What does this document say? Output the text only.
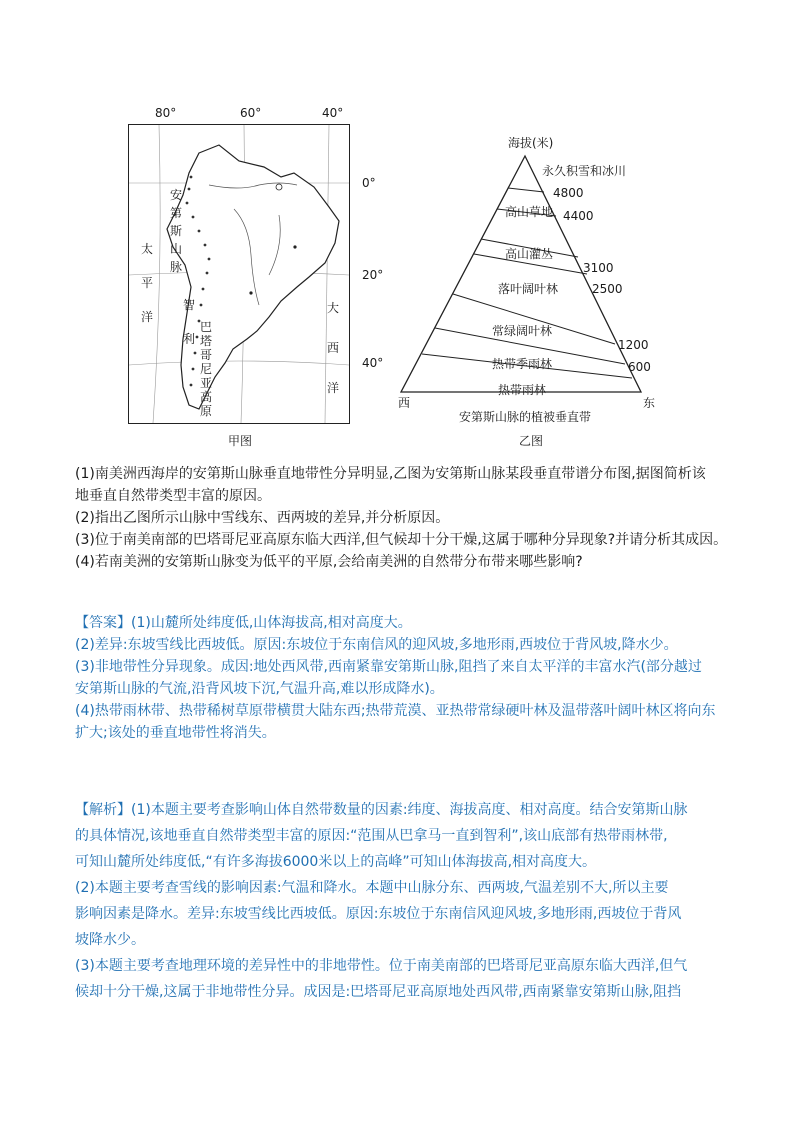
80°	60°	40°
0°
20°
40°
安第斯山脉
太平洋
智利
巴塔哥尼亚高原
大西洋
甲图
海拔(米)
永久积雪和冰川
高山草地
高山灌丛
落叶阔叶林
常绿阔叶林
热带季雨林
热带雨林
4800
4400
3100
2500
1200
600
西	东
安第斯山脉的植被垂直带
乙图

(1)南美洲西海岸的安第斯山脉垂直地带性分异明显,乙图为安第斯山脉某段垂直带谱分布图,据图简析该
地垂直自然带类型丰富的原因。
(2)指出乙图所示山脉中雪线东、西两坡的差异,并分析原因。
(3)位于南美南部的巴塔哥尼亚高原东临大西洋,但气候却十分干燥,这属于哪种分异现象?并请分析其成因。
(4)若南美洲的安第斯山脉变为低平的平原,会给南美洲的自然带分布带来哪些影响?

【答案】(1)山麓所处纬度低,山体海拔高,相对高度大。
(2)差异:东坡雪线比西坡低。原因:东坡位于东南信风的迎风坡,多地形雨,西坡位于背风坡,降水少。
(3)非地带性分异现象。成因:地处西风带,西南紧靠安第斯山脉,阻挡了来自太平洋的丰富水汽(部分越过
安第斯山脉的气流,沿背风坡下沉,气温升高,难以形成降水)。
(4)热带雨林带、热带稀树草原带横贯大陆东西;热带荒漠、亚热带常绿硬叶林及温带落叶阔叶林区将向东
扩大;该处的垂直地带性将消失。

【解析】(1)本题主要考查影响山体自然带数量的因素:纬度、海拔高度、相对高度。结合安第斯山脉
的具体情况,该地垂直自然带类型丰富的原因:“范围从巴拿马一直到智利”,该山底部有热带雨林带,
可知山麓所处纬度低,“有许多海拔6000米以上的高峰”可知山体海拔高,相对高度大。
(2)本题主要考查雪线的影响因素:气温和降水。本题中山脉分东、西两坡,气温差别不大,所以主要
影响因素是降水。差异:东坡雪线比西坡低。原因:东坡位于东南信风迎风坡,多地形雨,西坡位于背风
坡降水少。
(3)本题主要考查地理环境的差异性中的非地带性。位于南美南部的巴塔哥尼亚高原东临大西洋,但气
候却十分干燥,这属于非地带性分异。成因是:巴塔哥尼亚高原地处西风带,西南紧靠安第斯山脉,阻挡
